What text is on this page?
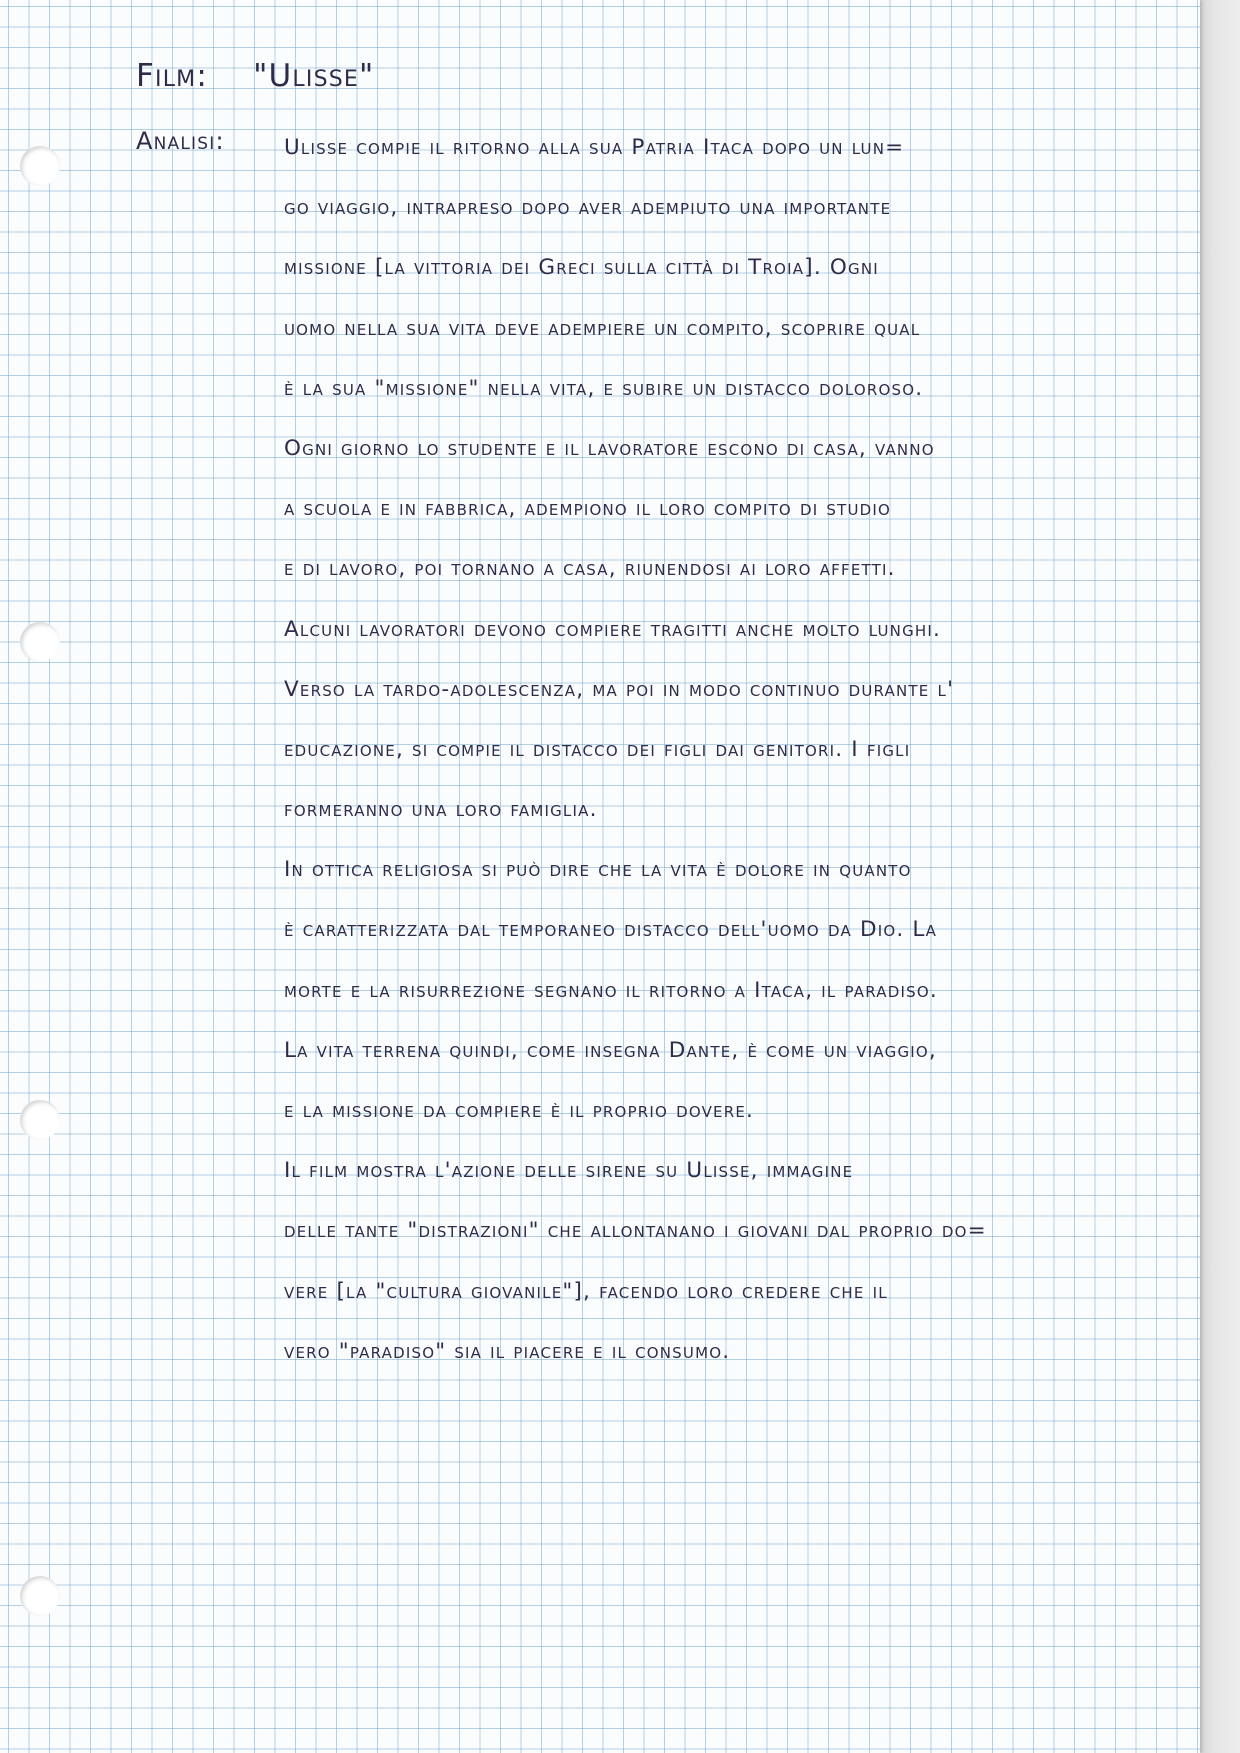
Film: "Ulisse"
Analisi:	Ulisse compie il ritorno alla sua Patria Itaca dopo un lun=
go viaggio, intrapreso dopo aver adempiuto una importante
missione [la vittoria dei Greci sulla città di Troia]. Ogni
uomo nella sua vita deve adempiere un compito, scoprire qual
è la sua "missione" nella vita, e subire un distacco doloroso.
Ogni giorno lo studente e il lavoratore escono di casa, vanno
a scuola e in fabbrica, adempiono il loro compito di studio
e di lavoro, poi tornano a casa, riunendosi ai loro affetti.
Alcuni lavoratori devono compiere tragitti anche molto lunghi.
Verso la tardo-adolescenza, ma poi in modo continuo durante l'
educazione, si compie il distacco dei figli dai genitori. I figli
formeranno una loro famiglia.
In ottica religiosa si può dire che la vita è dolore in quanto
è caratterizzata dal temporaneo distacco dell'uomo da Dio. La
morte e la risurrezione segnano il ritorno a Itaca, il paradiso.
La vita terrena quindi, come insegna Dante, è come un viaggio,
e la missione da compiere è il proprio dovere.
Il film mostra l'azione delle sirene su Ulisse, immagine
delle tante "distrazioni" che allontanano i giovani dal proprio do=
vere [la "cultura giovanile"], facendo loro credere che il
vero "paradiso" sia il piacere e il consumo.
